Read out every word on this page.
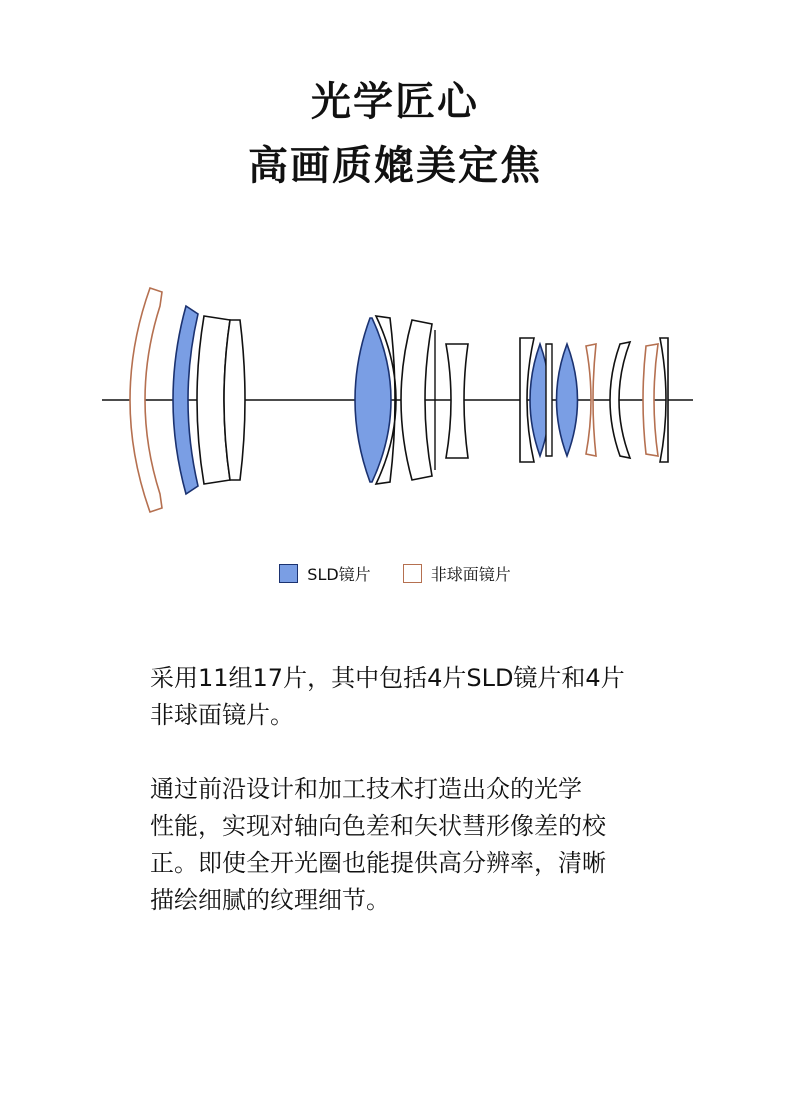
光学匠心
高画质媲美定焦
SLD镜片	非球面镜片

采用11组17片，其中包括4片SLD镜片和4片
非球面镜片。

通过前沿设计和加工技术打造出众的光学
性能，实现对轴向色差和矢状彗形像差的校
正。即使全开光圈也能提供高分辨率，清晰
描绘细腻的纹理细节。
